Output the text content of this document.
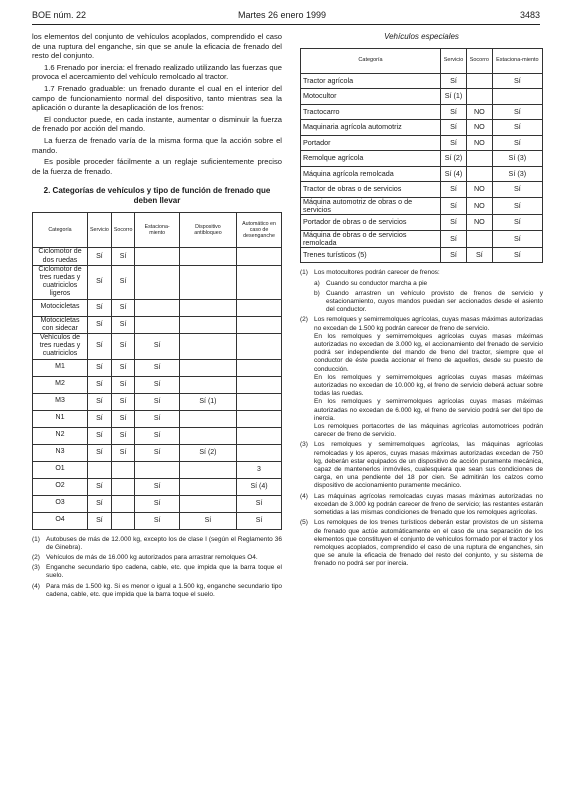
BOE núm. 22	Martes 26 enero 1999	3483

los elementos del conjunto de vehículos acoplados, comprendido el caso de una ruptura del enganche, sin que se anule la eficacia de frenado del resto del conjunto.

1.6 Frenado por inercia: el frenado realizado utilizando las fuerzas que provoca el acercamiento del vehículo remolcado al tractor.

1.7 Frenado graduable: un frenado durante el cual en el interior del campo de funcionamiento normal del dispositivo, tanto mientras sea la aplicación o durante la desaplicación de los frenos:

El conductor puede, en cada instante, aumentar o disminuir la fuerza de frenado por acción del mando.

La fuerza de frenado varía de la misma forma que la acción sobre el mando.

Es posible proceder fácilmente a un reglaje suficientemente preciso de la fuerza de frenado.

2. Categorías de vehículos y tipo de función de frenado que deben llevar
Categoría	Servicio	Socorro	Estaciona-miento	Dispositivo antibloqueo	Automático en caso de desenganche
Ciclomotor de dos ruedas	Sí	Sí			
Ciclomotor de tres ruedas y cuatriciclos ligeros	Sí	Sí			
Motocicletas	Sí	Sí			
Motocicletas con sidecar	Sí	Sí			
Vehículos de tres ruedas y cuatriciclos	Sí	Sí	Sí		
M1	Sí	Sí	Sí		
M2	Sí	Sí	Sí		
M3	Sí	Sí	Sí	Sí (1)	
N1	Sí	Sí	Sí		
N2	Sí	Sí	Sí		
N3	Sí	Sí	Sí	Sí (2)	
O1					3
O2	Sí		Sí		Sí (4)
O3	Sí		Sí		Sí
O4	Sí		Sí	Sí	Sí
(1) Autobuses de más de 12.000 kg, excepto los de clase I (según el Reglamento 36 de Ginebra).
(2) Vehículos de más de 16.000 kg autorizados para arrastrar remolques O4.
(3) Enganche secundario tipo cadena, cable, etc. que impida que la barra toque el suelo.
(4) Para más de 1.500 kg. Si es menor o igual a 1.500 kg, enganche secundario tipo cadena, cable, etc. que impida que la barra toque el suelo.
Vehículos especiales
Categoría	Servicio	Socorro	Estaciona-miento
Tractor agrícola	Sí		Sí
Motocultor	Sí (1)		
Tractocarro	Sí	NO	Sí
Maquinaria agrícola automotriz	Sí	NO	Sí
Portador	Sí	NO	Sí
Remolque agrícola	Sí (2)		Sí (3)
Máquina agrícola remolcada	Sí (4)		Sí (3)
Tractor de obras o de servicios	Sí	NO	Sí
Máquina automotriz de obras o de servicios	Sí	NO	Sí
Portador de obras o de servicios	Sí	NO	Sí
Máquina de obras o de servicios remolcada	Sí		Sí
Trenes turísticos (5)	Sí	Sí	Sí
(1) Los motocultores podrán carecer de frenos:
a) Cuando su conductor marcha a pie
b) Cuando arrastren un vehículo provisto de frenos de servicio y estacionamiento, cuyos mandos puedan ser accionados desde el asiento del conductor.
(2) Los remolques y semirremolques agrícolas, cuyas masas máximas autorizadas no excedan de 1.500 kg podrán carecer de freno de servicio.
En los remolques y semirremolques agrícolas cuyas masas máximas autorizadas no excedan de 3.000 kg, el accionamiento del frenado de servicio podrá ser independiente del mando de freno del tractor, siempre que el conductor de éste pueda accionar el freno de aquellos, desde su puesto de conducción.
En los remolques y semirremolques agrícolas cuyas masas máximas autorizadas no excedan de 10.000 kg, el freno de servicio deberá actuar sobre todas las ruedas.
En los remolques y semirremolques agrícolas cuyas masas máximas autorizadas no excedan de 6.000 kg, el freno de servicio podrá ser del tipo de inercia.
Los remolques portacortes de las máquinas agrícolas automotrices podrán carecer de freno de servicio.
(3) Los remolques y semirremolques agrícolas, las máquinas agrícolas remolcadas y los aperos, cuyas masas máximas autorizadas excedan de 750 kg, deberán estar equipados de un dispositivo de acción puramente mecánica, capaz de mantenerlos inmóviles, cualesquiera que sean sus condiciones de carga, en una pendiente del 18 por cien. Se admitirán los calzos como dispositivo de accionamiento puramente mecánico.
(4) Las máquinas agrícolas remolcadas cuyas masas máximas autorizadas no excedan de 3.000 kg podrán carecer de freno de servicio; las restantes estarán sometidas a las mismas condiciones de frenado que los remolques agrícolas.
(5) Los remolques de los trenes turísticos deberán estar provistos de un sistema de frenado que actúe automáticamente en el caso de una separación de los elementos que constituyen el conjunto de vehículos formado por el tractor y los remolques acoplados, comprendido el caso de una ruptura de enganches, sin que se anule la eficacia de frenado del resto del conjunto, y su sistema de frenado no podrá ser por inercia.
